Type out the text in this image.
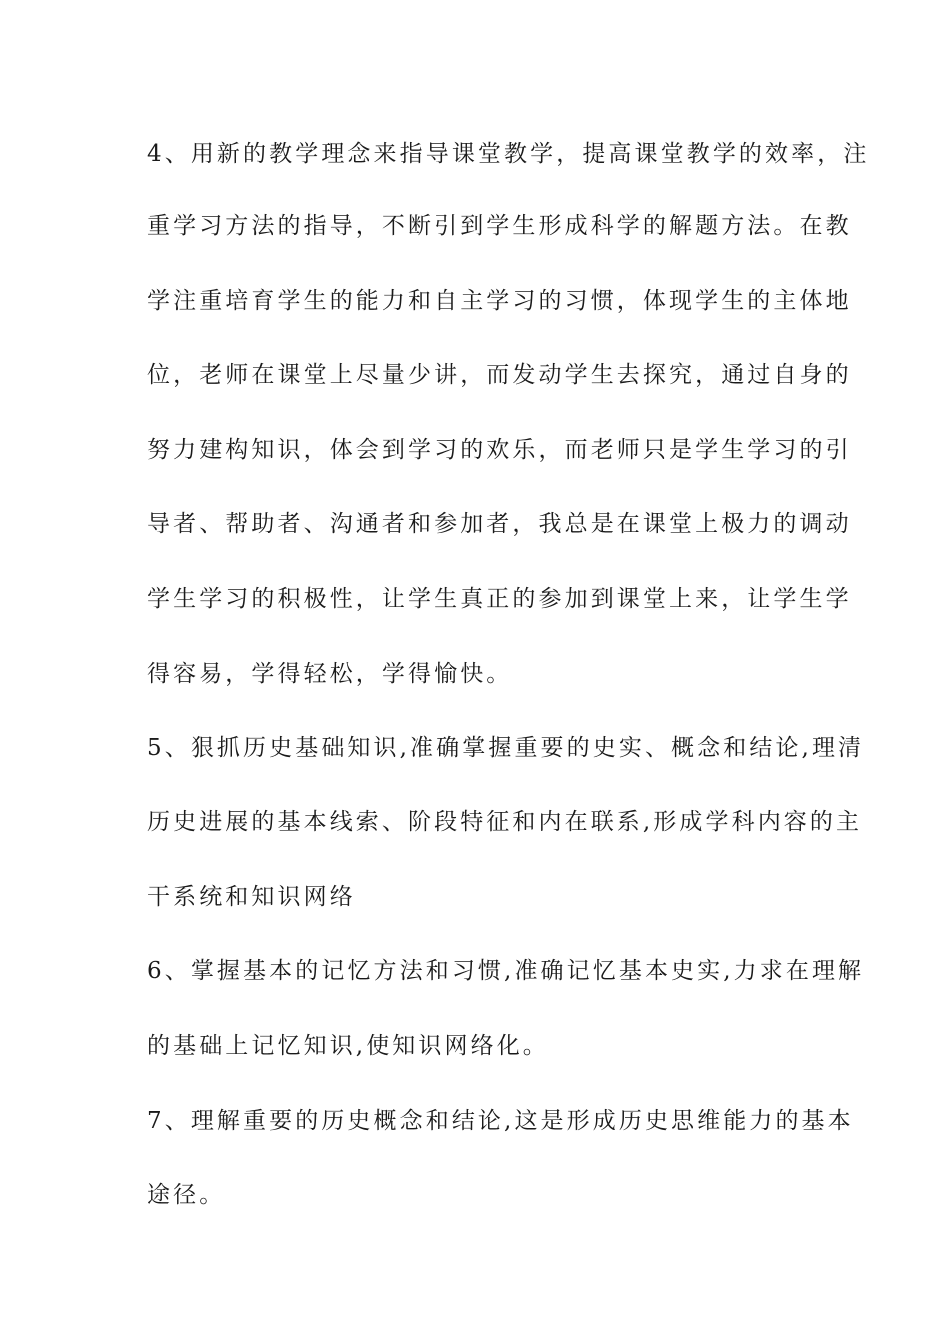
4、用新的教学理念来指导课堂教学，提高课堂教学的效率，注
重学习方法的指导，不断引到学生形成科学的解题方法。在教
学注重培育学生的能力和自主学习的习惯，体现学生的主体地
位，老师在课堂上尽量少讲，而发动学生去探究，通过自身的
努力建构知识，体会到学习的欢乐，而老师只是学生学习的引
导者、帮助者、沟通者和参加者，我总是在课堂上极力的调动
学生学习的积极性，让学生真正的参加到课堂上来，让学生学
得容易，学得轻松，学得愉快。
5、狠抓历史基础知识,准确掌握重要的史实、概念和结论,理清
历史进展的基本线索、阶段特征和内在联系,形成学科内容的主
干系统和知识网络
6、掌握基本的记忆方法和习惯,准确记忆基本史实,力求在理解
的基础上记忆知识,使知识网络化。
7、理解重要的历史概念和结论,这是形成历史思维能力的基本
途径。
